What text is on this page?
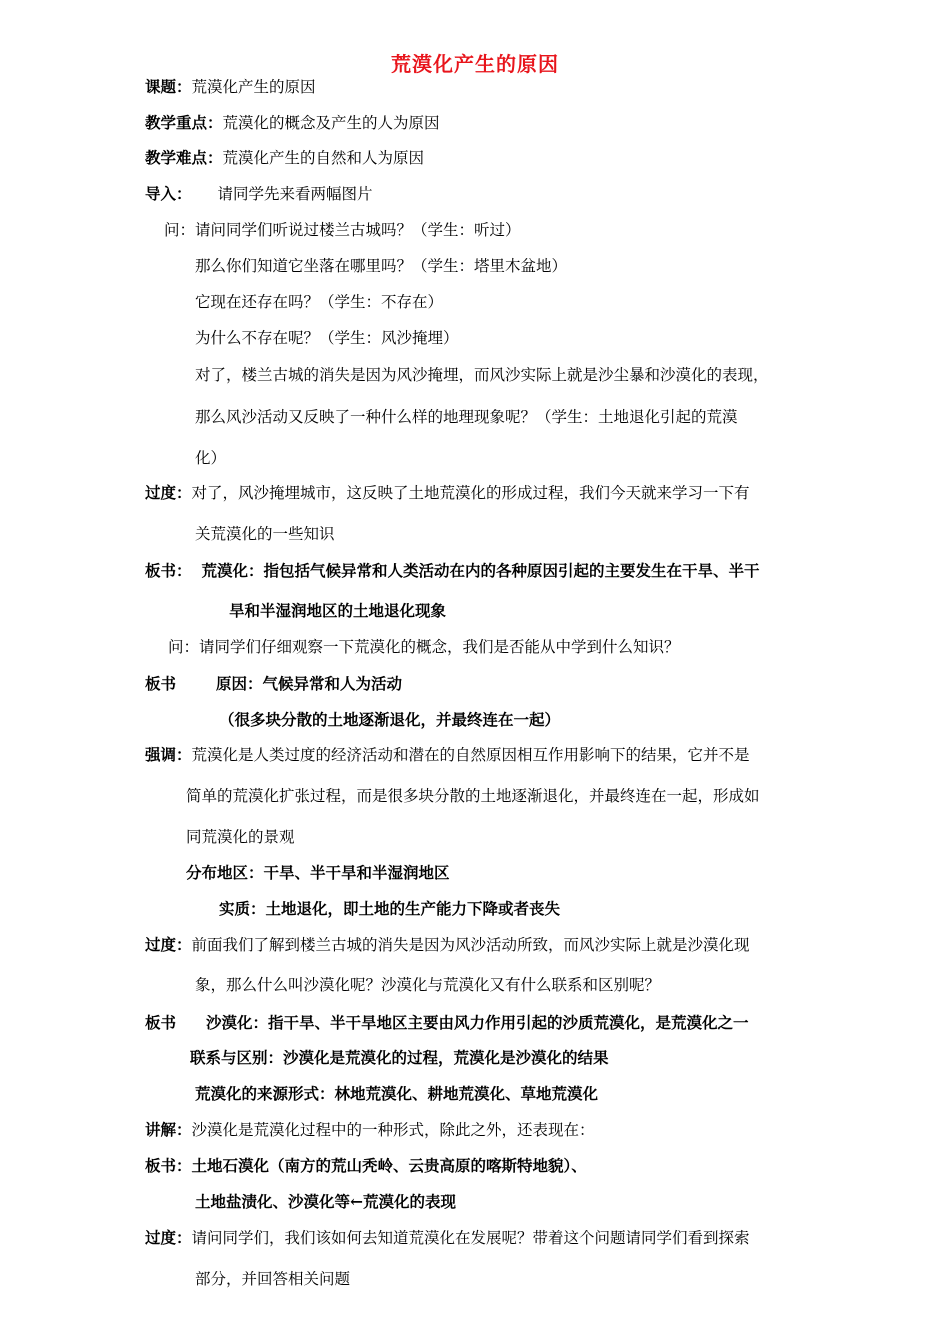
荒漠化产生的原因
课题：荒漠化产生的原因
教学重点：荒漠化的概念及产生的人为原因
教学难点：荒漠化产生的自然和人为原因
导入： 请同学先来看两幅图片
问：请问同学们听说过楼兰古城吗？（学生：听过）
那么你们知道它坐落在哪里吗？（学生：塔里木盆地）
它现在还存在吗？（学生：不存在）
为什么不存在呢？（学生：风沙掩埋）
对了，楼兰古城的消失是因为风沙掩埋，而风沙实际上就是沙尘暴和沙漠化的表现，
那么风沙活动又反映了一种什么样的地理现象呢？（学生：土地退化引起的荒漠
化）
过度：对了，风沙掩埋城市，这反映了土地荒漠化的形成过程，我们今天就来学习一下有
关荒漠化的一些知识
板书： 荒漠化：指包括气候异常和人类活动在内的各种原因引起的主要发生在干旱、半干
旱和半湿润地区的土地退化现象
问：请同学们仔细观察一下荒漠化的概念，我们是否能从中学到什么知识？
板书	原因：气候异常和人为活动
（很多块分散的土地逐渐退化，并最终连在一起）
强调：荒漠化是人类过度的经济活动和潜在的自然原因相互作用影响下的结果，它并不是
简单的荒漠化扩张过程，而是很多块分散的土地逐渐退化，并最终连在一起，形成如
同荒漠化的景观
分布地区：干旱、半干旱和半湿润地区
实质：土地退化，即土地的生产能力下降或者丧失
过度：前面我们了解到楼兰古城的消失是因为风沙活动所致，而风沙实际上就是沙漠化现
象，那么什么叫沙漠化呢？沙漠化与荒漠化又有什么联系和区别呢？
板书 沙漠化：指干旱、半干旱地区主要由风力作用引起的沙质荒漠化，是荒漠化之一
联系与区别：沙漠化是荒漠化的过程，荒漠化是沙漠化的结果
荒漠化的来源形式：林地荒漠化、耕地荒漠化、草地荒漠化
讲解：沙漠化是荒漠化过程中的一种形式，除此之外，还表现在：
板书：土地石漠化（南方的荒山秃岭、云贵高原的喀斯特地貌）、
土地盐渍化、沙漠化等←荒漠化的表现
过度：请问同学们，我们该如何去知道荒漠化在发展呢？带着这个问题请同学们看到探索
部分，并回答相关问题
